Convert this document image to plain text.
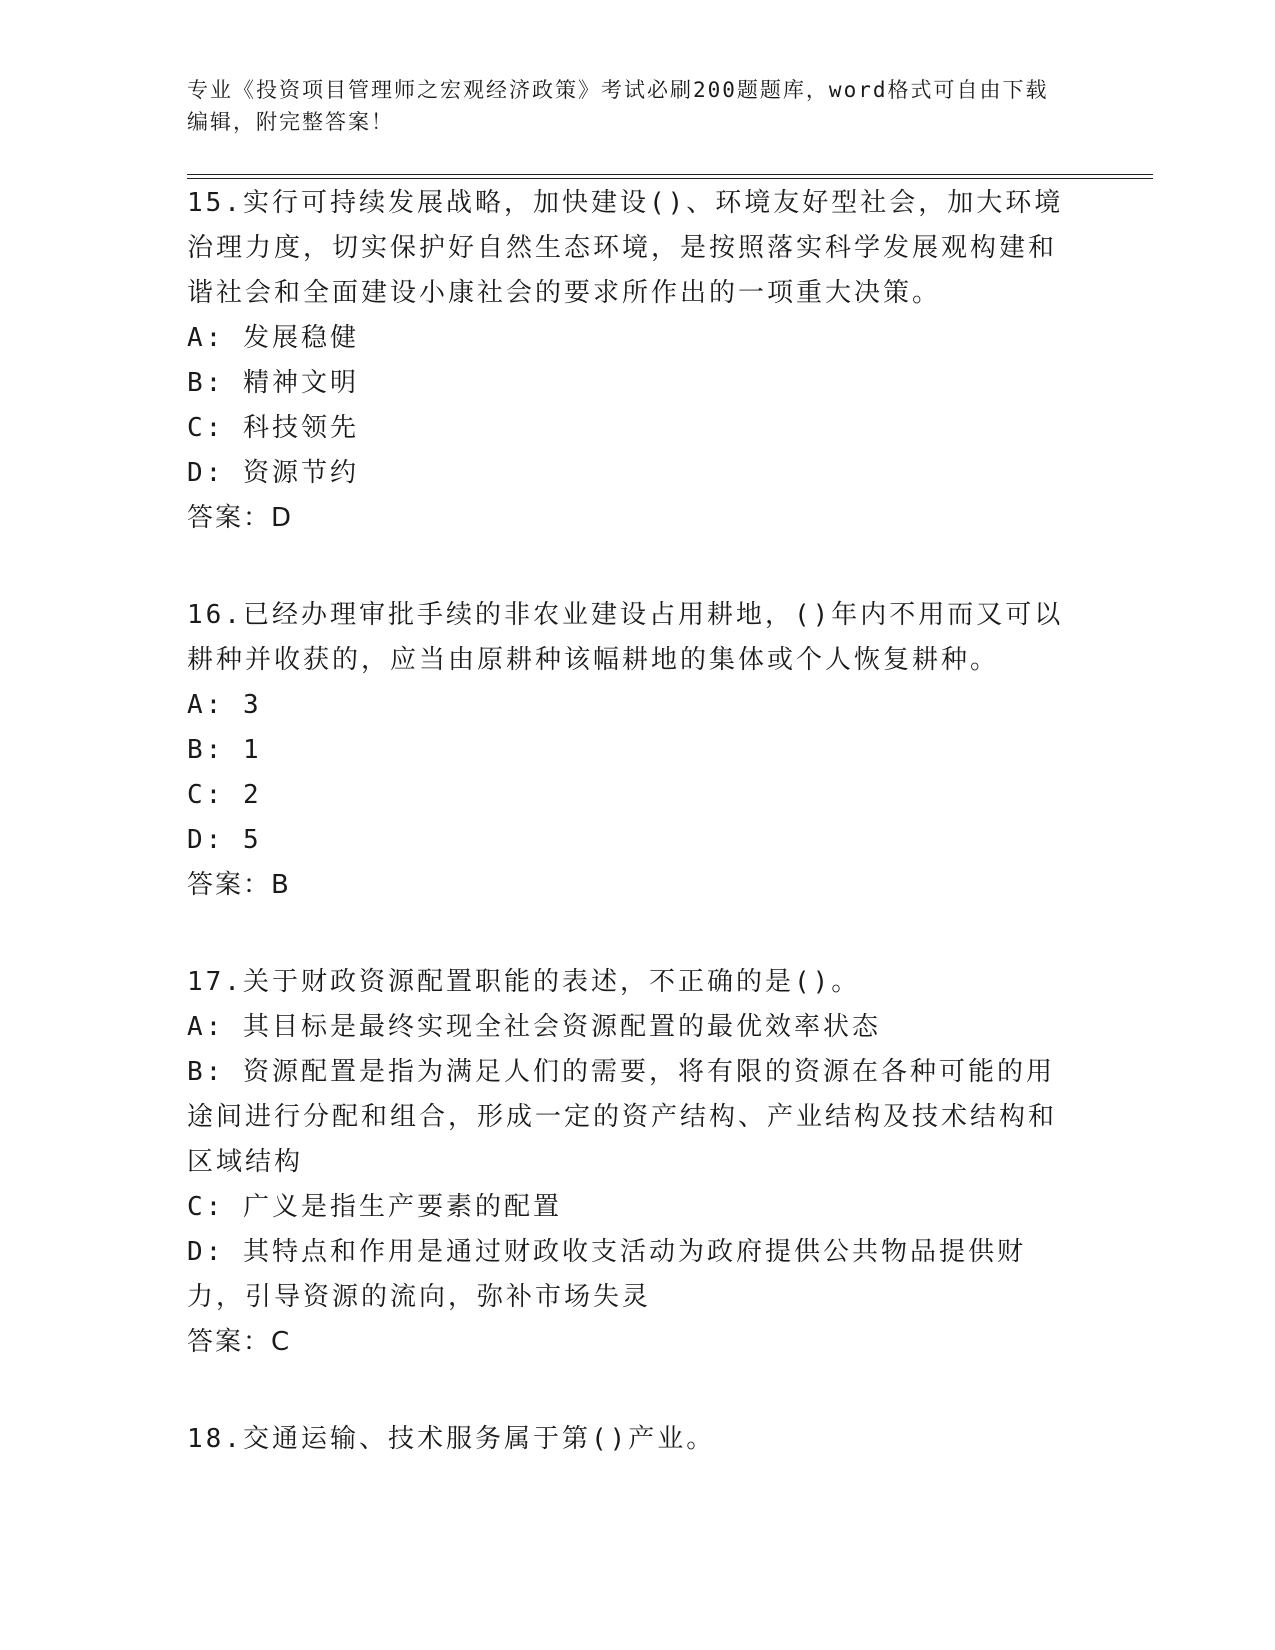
专业《投资项目管理师之宏观经济政策》考试必刷200题题库，word格式可自由下载编辑，附完整答案！

15.实行可持续发展战略，加快建设()、环境友好型社会，加大环境治理力度，切实保护好自然生态环境，是按照落实科学发展观构建和谐社会和全面建设小康社会的要求所作出的一项重大决策。

A: 发展稳健

B: 精神文明

C: 科技领先

D: 资源节约

答案：D

16.已经办理审批手续的非农业建设占用耕地，()年内不用而又可以耕种并收获的，应当由原耕种该幅耕地的集体或个人恢复耕种。

A: 3

B: 1

C: 2

D: 5

答案：B

17.关于财政资源配置职能的表述，不正确的是()。

A: 其目标是最终实现全社会资源配置的最优效率状态

B: 资源配置是指为满足人们的需要，将有限的资源在各种可能的用途间进行分配和组合，形成一定的资产结构、产业结构及技术结构和区域结构

C: 广义是指生产要素的配置

D: 其特点和作用是通过财政收支活动为政府提供公共物品提供财力，引导资源的流向，弥补市场失灵

答案：C

18.交通运输、技术服务属于第()产业。
